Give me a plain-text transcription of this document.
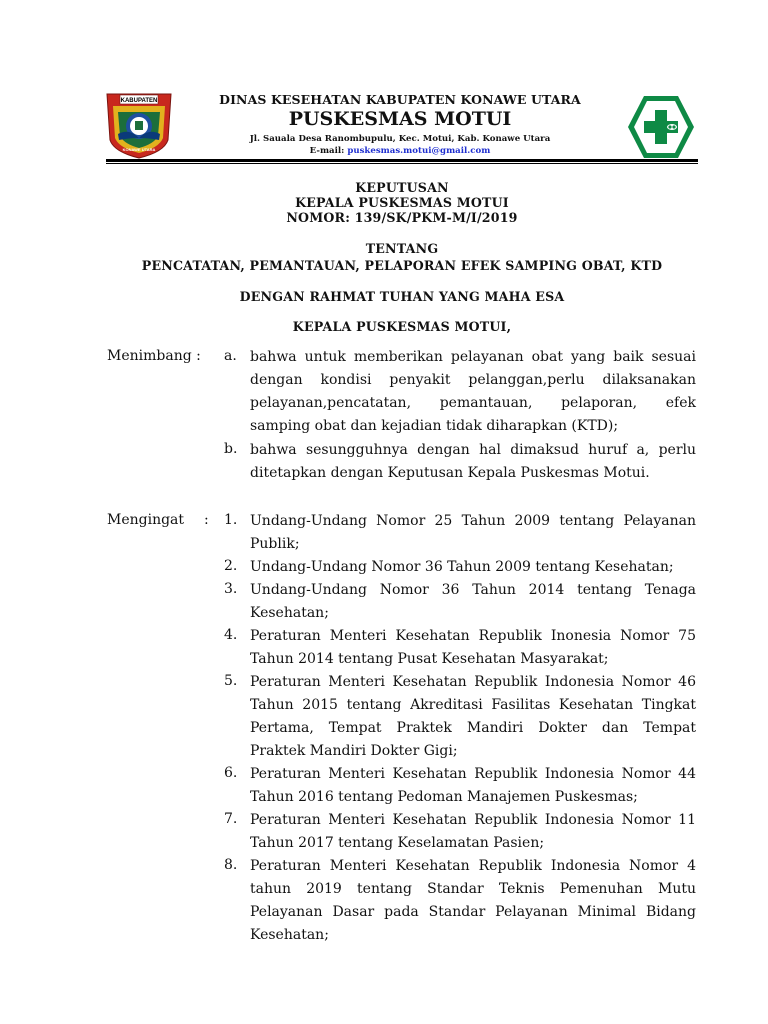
KABUPATEN
KONAWE UTARA
DINAS KESEHATAN KABUPATEN KONAWE UTARA
PUSKESMAS MOTUI
Jl. Sauala Desa Ranombupulu, Kec. Motui, Kab. Konawe Utara
E-mail: puskesmas.motui@gmail.com
KEPUTUSAN
KEPALA PUSKESMAS MOTUI
NOMOR: 139/SK/PKM-M/I/2019
TENTANG
PENCATATAN, PEMANTAUAN, PELAPORAN EFEK SAMPING OBAT, KTD
DENGAN RAHMAT TUHAN YANG MAHA ESA
KEPALA PUSKESMAS MOTUI,
Menimbang : a. bahwa untuk memberikan pelayanan obat yang baik sesuai
dengan kondisi penyakit pelanggan,perlu dilaksanakan
pelayanan,pencatatan, pemantauan, pelaporan, efek
samping obat dan kejadian tidak diharapkan (KTD);
b. bahwa sesungguhnya dengan hal dimaksud huruf a, perlu
ditetapkan dengan Keputusan Kepala Puskesmas Motui.
Mengingat : 1. Undang-Undang Nomor 25 Tahun 2009 tentang Pelayanan
Publik;
2. Undang-Undang Nomor 36 Tahun 2009 tentang Kesehatan;
3. Undang-Undang Nomor 36 Tahun 2014 tentang Tenaga
Kesehatan;
4. Peraturan Menteri Kesehatan Republik Inonesia Nomor 75
Tahun 2014 tentang Pusat Kesehatan Masyarakat;
5. Peraturan Menteri Kesehatan Republik Indonesia Nomor 46
Tahun 2015 tentang Akreditasi Fasilitas Kesehatan Tingkat
Pertama, Tempat Praktek Mandiri Dokter dan Tempat
Praktek Mandiri Dokter Gigi;
6. Peraturan Menteri Kesehatan Republik Indonesia Nomor 44
Tahun 2016 tentang Pedoman Manajemen Puskesmas;
7. Peraturan Menteri Kesehatan Republik Indonesia Nomor 11
Tahun 2017 tentang Keselamatan Pasien;
8. Peraturan Menteri Kesehatan Republik Indonesia Nomor 4
tahun 2019 tentang Standar Teknis Pemenuhan Mutu
Pelayanan Dasar pada Standar Pelayanan Minimal Bidang
Kesehatan;
